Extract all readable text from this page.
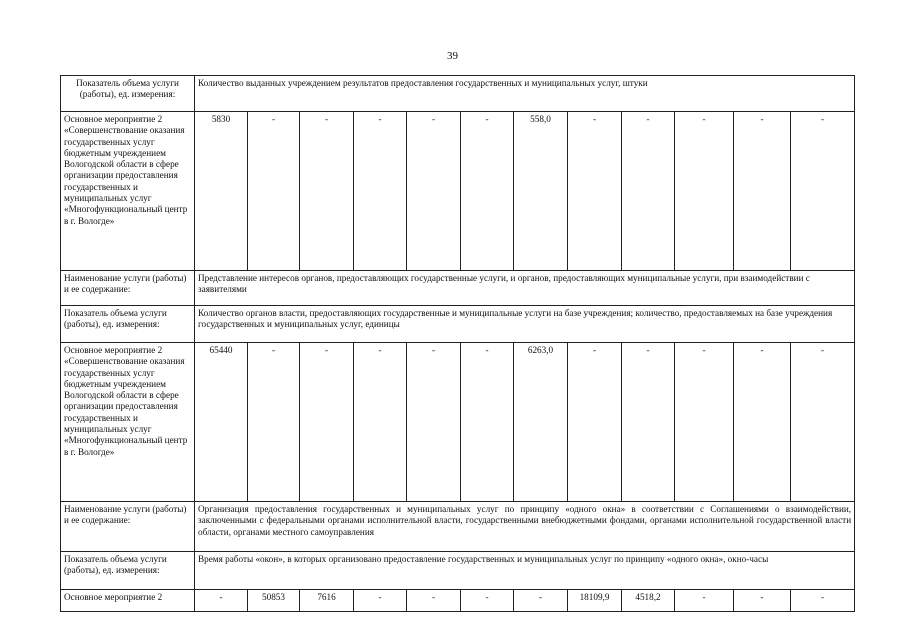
39
Показатель объема услуги (работы), ед. измерения:	Количество выданных учреждением результатов предоставления государственных и муниципальных услуг, штуки											
Основное мероприятие 2 «Совершенствование оказания государственных услуг бюджетным учреждением Вологодской области в сфере организации предоставления государственных и муниципальных услуг «Многофункциональный центр в г. Вологде»	5830	-	-	-	-	-	558,0	-	-	-	-	-
Наименование услуги (работы) и ее содержание:	Представление интересов органов, предоставляющих государственные услуги, и органов, предоставляющих муниципальные услуги, при взаимодействии с заявителями											
Показатель объема услуги (работы), ед. измерения:	Количество органов власти, предоставляющих государственные и муниципальные услуги на базе учреждения; количество, предоставляемых на базе учреждения государственных и муниципальных услуг, единицы											
Основное мероприятие 2 «Совершенствование оказания государственных услуг бюджетным учреждением Вологодской области в сфере организации предоставления государственных и муниципальных услуг «Многофункциональный центр в г. Вологде»	65440	-	-	-	-	-	6263,0	-	-	-	-	-
Наименование услуги (работы) и ее содержание:	Организация предоставления государственных и муниципальных услуг по принципу «одного окна» в соответствии с Соглашениями о взаимодействии, заключенными с федеральными органами исполнительной власти, государственными внебюджетными фондами, органами исполнительной государственной власти области, органами местного самоуправления											
Показатель объема услуги (работы), ед. измерения:	Время работы «окон», в которых организовано предоставление государственных и муниципальных услуг по принципу «одного окна», окно-часы											
Основное мероприятие 2	-	50853	7616	-	-	-	-	18109,9	4518,2	-	-	-
